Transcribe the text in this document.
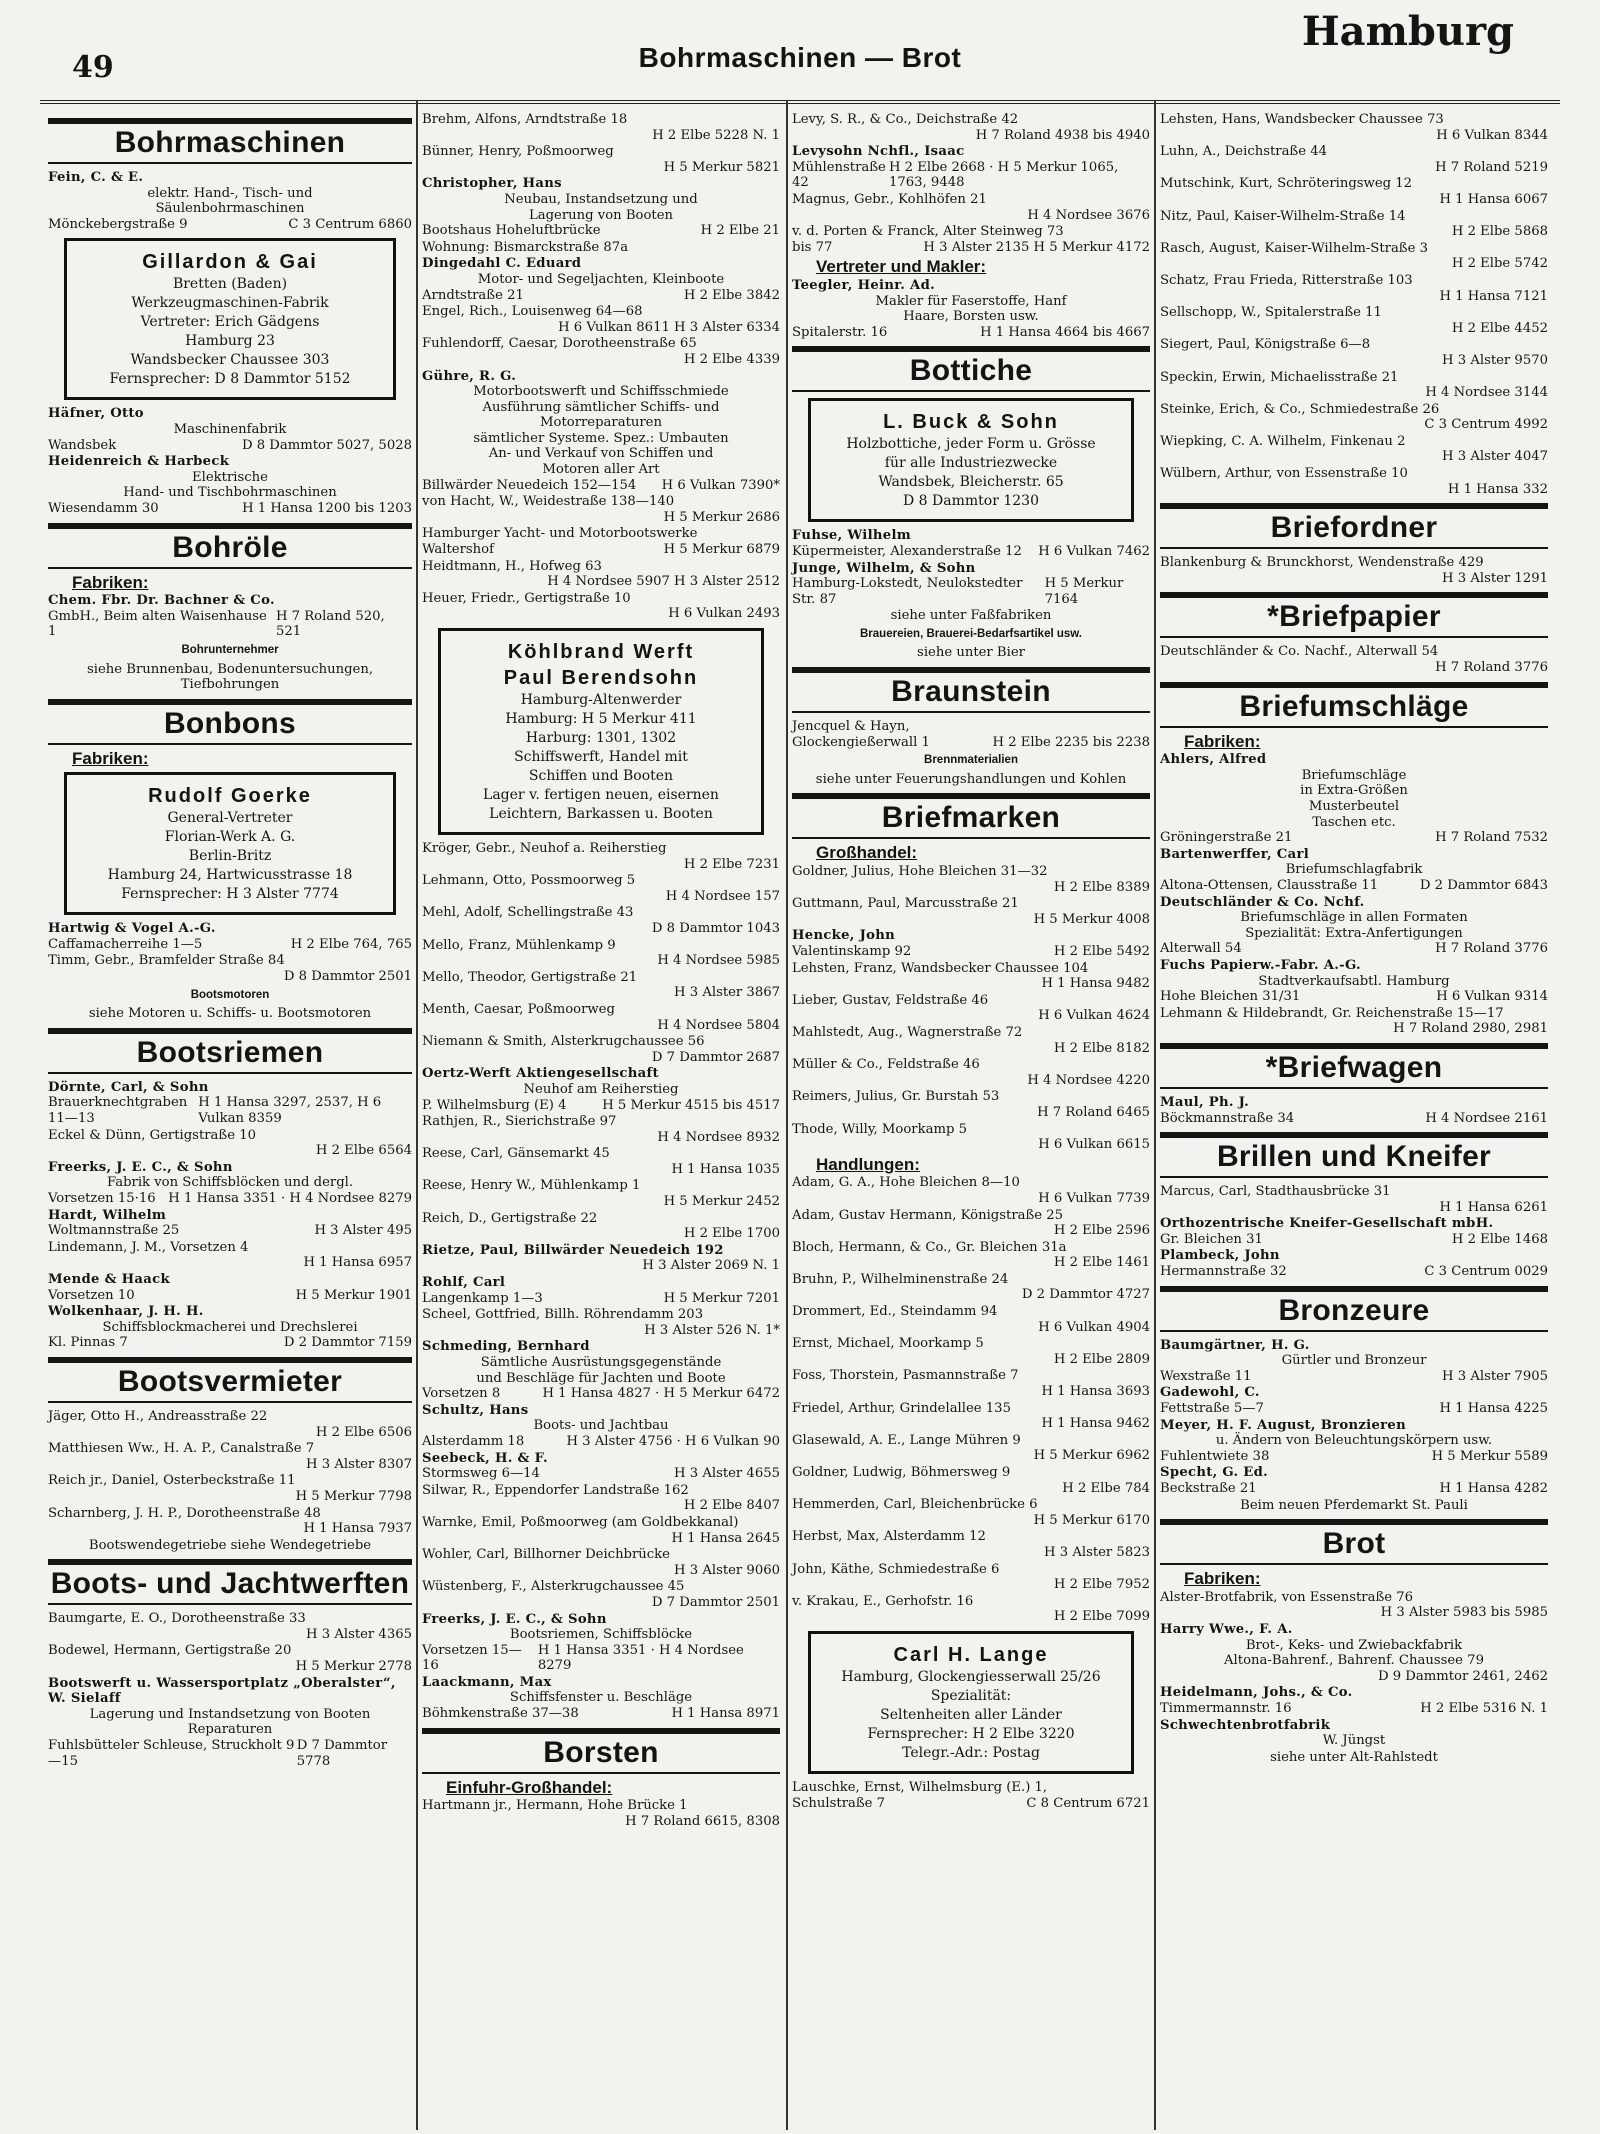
49	Bohrmaschinen — Brot
Hamburg
Bohrmaschinen
Fein, C. & E.
elektr. Hand-, Tisch- und
Säulenbohrmaschinen
Mönckebergstraße 9	C 3 Centrum 6860
Gillardon & Gai
Bretten (Baden)
Werkzeugmaschinen-Fabrik
Vertreter: Erich Gädgens
Hamburg 23
Wandsbecker Chaussee 303
Fernsprecher: D 8 Dammtor 5152
Häfner, Otto
Maschinenfabrik
Wandsbek	D 8 Dammtor 5027, 5028
Heidenreich & Harbeck
Elektrische
Hand- und Tischbohrmaschinen
Wiesendamm 30	H 1 Hansa 1200 bis 1203
Bohröle
Fabriken:
Chem. Fbr. Dr. Bachner & Co.
GmbH., Beim alten Waisenhause 1
H 7 Roland 520, 521
Bohrunternehmer
siehe Brunnenbau, Bodenuntersuchungen, Tiefbohrungen
Bonbons
Fabriken:
Rudolf Goerke
General-Vertreter
Florian-Werk A. G.
Berlin-Britz
Hamburg 24, Hartwicusstrasse 18
Fernsprecher: H 3 Alster 7774
Hartwig & Vogel A.-G.
Caffamacherreihe 1—5	H 2 Elbe 764, 765
Timm, Gebr., Bramfelder Straße 84
D 8 Dammtor 2501
Bootsmotoren
siehe Motoren u. Schiffs- u. Bootsmotoren
Bootsriemen
Dörnte, Carl, & Sohn
Brauerknechtgraben 11—13
H 1 Hansa 3297, 2537, H 6 Vulkan 8359
Eckel & Dünn, Gertigstraße 10
H 2 Elbe 6564
Freerks, J. E. C., & Sohn
Fabrik von Schiffsblöcken und dergl.
Vorsetzen 15·16 H 1 Hansa 3351 · H 4 Nordsee 8279
Hardt, Wilhelm
Woltmannstraße 25	H 3 Alster 495
Lindemann, J. M., Vorsetzen 4
H 1 Hansa 6957
Mende & Haack
Vorsetzen 10	H 5 Merkur 1901
Wolkenhaar, J. H. H.
Schiffsblockmacherei und Drechslerei
Kl. Pinnas 7	D 2 Dammtor 7159
Bootsvermieter
Jäger, Otto H., Andreasstraße 22
H 2 Elbe 6506
Matthiesen Ww., H. A. P., Canalstraße 7
H 3 Alster 8307
Reich jr., Daniel, Osterbeckstraße 11
H 5 Merkur 7798
Scharnberg, J. H. P., Dorotheenstraße 48
H 1 Hansa 7937
Bootswendegetriebe siehe Wendegetriebe
Boots- und Jachtwerften
Baumgarte, E. O., Dorotheenstraße 33
H 3 Alster 4365
Bodewel, Hermann, Gertigstraße 20
H 5 Merkur 2778
Bootswerft u. Wassersportplatz „Oberalster“, W. Sielaff
Lagerung und Instandsetzung von Booten
Reparaturen
Fuhlsbütteler Schleuse, Struckholt 9—15
D 7 Dammtor 5778
Brehm, Alfons, Arndtstraße 18
H 2 Elbe 5228 N. 1
Bünner, Henry, Poßmoorweg
H 5 Merkur 5821
Christopher, Hans
Neubau, Instandsetzung und
Lagerung von Booten
Bootshaus Hoheluftbrücke	H 2 Elbe 21
Wohnung: Bismarckstraße 87a
Dingedahl C. Eduard
Motor- und Segeljachten, Kleinboote
Arndtstraße 21	H 2 Elbe 3842
Engel, Rich., Louisenweg 64—68
H 6 Vulkan 8611 H 3 Alster 6334
Fuhlendorff, Caesar, Dorotheenstraße 65
H 2 Elbe 4339
Gühre, R. G.
Motorbootswerft und Schiffsschmiede
Ausführung sämtlicher Schiffs- und
Motorreparaturen
sämtlicher Systeme. Spez.: Umbauten
An- und Verkauf von Schiffen und
Motoren aller Art
Billwärder Neuedeich 152—154 H 6 Vulkan 7390*
von Hacht, W., Weidestraße 138—140
H 5 Merkur 2686
Hamburger Yacht- und Motorbootswerke
Waltershof	H 5 Merkur 6879
Heidtmann, H., Hofweg 63
H 4 Nordsee 5907 H 3 Alster 2512
Heuer, Friedr., Gertigstraße 10
H 6 Vulkan 2493
Köhlbrand Werft
Paul Berendsohn
Hamburg-Altenwerder
Hamburg: H 5 Merkur 411
Harburg: 1301, 1302
Schiffswerft, Handel mit
Schiffen und Booten
Lager v. fertigen neuen, eisernen
Leichtern, Barkassen u. Booten
Kröger, Gebr., Neuhof a. Reiherstieg
H 2 Elbe 7231
Lehmann, Otto, Possmoorweg 5
H 4 Nordsee 157
Mehl, Adolf, Schellingstraße 43
D 8 Dammtor 1043
Mello, Franz, Mühlenkamp 9
H 4 Nordsee 5985
Mello, Theodor, Gertigstraße 21
H 3 Alster 3867
Menth, Caesar, Poßmoorweg
H 4 Nordsee 5804
Niemann & Smith, Alsterkrugchaussee 56
D 7 Dammtor 2687
Oertz-Werft Aktiengesellschaft
Neuhof am Reiherstieg
P. Wilhelmsburg (E) 4	H 5 Merkur 4515 bis 4517
Rathjen, R., Sierichstraße 97
H 4 Nordsee 8932
Reese, Carl, Gänsemarkt 45
H 1 Hansa 1035
Reese, Henry W., Mühlenkamp 1
H 5 Merkur 2452
Reich, D., Gertigstraße 22
H 2 Elbe 1700
Rietze, Paul, Billwärder Neuedeich 192
H 3 Alster 2069 N. 1
Rohlf, Carl
Langenkamp 1—3	H 5 Merkur 7201
Scheel, Gottfried, Billh. Röhrendamm 203
H 3 Alster 526 N. 1*
Schmeding, Bernhard
Sämtliche Ausrüstungsgegenstände
und Beschläge für Jachten und Boote
Vorsetzen 8	H 1 Hansa 4827 · H 5 Merkur 6472
Schultz, Hans
Boots- und Jachtbau
Alsterdamm 18	H 3 Alster 4756 · H 6 Vulkan 90
Seebeck, H. & F.
Stormsweg 6—14	H 3 Alster 4655
Silwar, R., Eppendorfer Landstraße 162
H 2 Elbe 8407
Warnke, Emil, Poßmoorweg (am Goldbekkanal)
H 1 Hansa 2645
Wohler, Carl, Billhorner Deichbrücke
H 3 Alster 9060
Wüstenberg, F., Alsterkrugchaussee 45
D 7 Dammtor 2501
Freerks, J. E. C., & Sohn
Bootsriemen, Schiffsblöcke
Vorsetzen 15—16
H 1 Hansa 3351 · H 4 Nordsee 8279
Laackmann, Max
Schiffsfenster u. Beschläge
Böhmkenstraße 37—38	H 1 Hansa 8971
Borsten
Einfuhr-Großhandel:
Hartmann jr., Hermann, Hohe Brücke 1
H 7 Roland 6615, 8308
Levy, S. R., & Co., Deichstraße 42
H 7 Roland 4938 bis 4940
Levysohn Nchfl., Isaac
Mühlenstraße 42
H 2 Elbe 2668 · H 5 Merkur 1065, 1763, 9448
Magnus, Gebr., Kohlhöfen 21
H 4 Nordsee 3676
v. d. Porten & Franck, Alter Steinweg 73
bis 77	H 3 Alster 2135 H 5 Merkur 4172
Vertreter und Makler:
Teegler, Heinr. Ad.
Makler für Faserstoffe, Hanf
Haare, Borsten usw.
Spitalerstr. 16	H 1 Hansa 4664 bis 4667
Bottiche
L. Buck & Sohn
Holzbottiche, jeder Form u. Grösse
für alle Industriezwecke
Wandsbek, Bleicherstr. 65
D 8 Dammtor 1230
Fuhse, Wilhelm
Küpermeister, Alexanderstraße 12 H 6 Vulkan 7462
Junge, Wilhelm, & Sohn
Hamburg-Lokstedt, Neulokstedter Str. 87
H 5 Merkur 7164
siehe unter Faßfabriken
Brauereien, Brauerei-Bedarfsartikel usw.
siehe unter Bier
Braunstein
Jencquel & Hayn,
Glockengießerwall 1	H 2 Elbe 2235 bis 2238
Brennmaterialien
siehe unter Feuerungshandlungen und Kohlen
Briefmarken
Großhandel:
Goldner, Julius, Hohe Bleichen 31—32
H 2 Elbe 8389
Guttmann, Paul, Marcusstraße 21
H 5 Merkur 4008
Hencke, John
Valentinskamp 92	H 2 Elbe 5492
Lehsten, Franz, Wandsbecker Chaussee 104
H 1 Hansa 9482
Lieber, Gustav, Feldstraße 46
H 6 Vulkan 4624
Mahlstedt, Aug., Wagnerstraße 72
H 2 Elbe 8182
Müller & Co., Feldstraße 46
H 4 Nordsee 4220
Reimers, Julius, Gr. Burstah 53
H 7 Roland 6465
Thode, Willy, Moorkamp 5
H 6 Vulkan 6615
Handlungen:
Adam, G. A., Hohe Bleichen 8—10
H 6 Vulkan 7739
Adam, Gustav Hermann, Königstraße 25
H 2 Elbe 2596
Bloch, Hermann, & Co., Gr. Bleichen 31a
H 2 Elbe 1461
Bruhn, P., Wilhelminenstraße 24
D 2 Dammtor 4727
Drommert, Ed., Steindamm 94
H 6 Vulkan 4904
Ernst, Michael, Moorkamp 5
H 2 Elbe 2809
Foss, Thorstein, Pasmannstraße 7
H 1 Hansa 3693
Friedel, Arthur, Grindelallee 135
H 1 Hansa 9462
Glasewald, A. E., Lange Mühren 9
H 5 Merkur 6962
Goldner, Ludwig, Böhmersweg 9
H 2 Elbe 784
Hemmerden, Carl, Bleichenbrücke 6
H 5 Merkur 6170
Herbst, Max, Alsterdamm 12
H 3 Alster 5823
John, Käthe, Schmiedestraße 6
H 2 Elbe 7952
v. Krakau, E., Gerhofstr. 16
H 2 Elbe 7099
Carl H. Lange
Hamburg, Glockengiesserwall 25/26
Spezialität:
Seltenheiten aller Länder
Fernsprecher: H 2 Elbe 3220
Telegr.-Adr.: Postag
Lauschke, Ernst, Wilhelmsburg (E.) 1,
Schulstraße 7	C 8 Centrum 6721
Lehsten, Hans, Wandsbecker Chaussee 73
H 6 Vulkan 8344
Luhn, A., Deichstraße 44
H 7 Roland 5219
Mutschink, Kurt, Schröteringsweg 12
H 1 Hansa 6067
Nitz, Paul, Kaiser-Wilhelm-Straße 14
H 2 Elbe 5868
Rasch, August, Kaiser-Wilhelm-Straße 3
H 2 Elbe 5742
Schatz, Frau Frieda, Ritterstraße 103
H 1 Hansa 7121
Sellschopp, W., Spitalerstraße 11
H 2 Elbe 4452
Siegert, Paul, Königstraße 6—8
H 3 Alster 9570
Speckin, Erwin, Michaelisstraße 21
H 4 Nordsee 3144
Steinke, Erich, & Co., Schmiedestraße 26
C 3 Centrum 4992
Wiepking, C. A. Wilhelm, Finkenau 2
H 3 Alster 4047
Wülbern, Arthur, von Essenstraße 10
H 1 Hansa 332
Briefordner
Blankenburg & Brunckhorst, Wendenstraße 429
H 3 Alster 1291
*Briefpapier
Deutschländer & Co. Nachf., Alterwall 54
H 7 Roland 3776
Briefumschläge
Fabriken:
Ahlers, Alfred
Briefumschläge
in Extra-Größen
Musterbeutel
Taschen etc.
Gröningerstraße 21	H 7 Roland 7532
Bartenwerffer, Carl
Briefumschlagfabrik
Altona-Ottensen, Clausstraße 11	D 2 Dammtor 6843
Deutschländer & Co. Nchf.
Briefumschläge in allen Formaten
Spezialität: Extra-Anfertigungen
Alterwall 54	H 7 Roland 3776
Fuchs Papierw.-Fabr. A.-G.
Stadtverkaufsabtl. Hamburg
Hohe Bleichen 31/31	H 6 Vulkan 9314
Lehmann & Hildebrandt, Gr. Reichenstraße 15—17
H 7 Roland 2980, 2981
*Briefwagen
Maul, Ph. J.
Böckmannstraße 34	H 4 Nordsee 2161
Brillen und Kneifer
Marcus, Carl, Stadthausbrücke 31
H 1 Hansa 6261
Orthozentrische Kneifer-Gesellschaft mbH.
Gr. Bleichen 31	H 2 Elbe 1468
Plambeck, John
Hermannstraße 32	C 3 Centrum 0029
Bronzeure
Baumgärtner, H. G.
Gürtler und Bronzeur
Wexstraße 11	H 3 Alster 7905
Gadewohl, C.
Fettstraße 5—7	H 1 Hansa 4225
Meyer, H. F. August, Bronzieren
u. Ändern von Beleuchtungskörpern usw.
Fuhlentwiete 38	H 5 Merkur 5589
Specht, G. Ed.
Beckstraße 21	H 1 Hansa 4282
Beim neuen Pferdemarkt St. Pauli
Brot
Fabriken:
Alster-Brotfabrik, von Essenstraße 76
H 3 Alster 5983 bis 5985
Harry Wwe., F. A.
Brot-, Keks- und Zwiebackfabrik
Altona-Bahrenf., Bahrenf. Chaussee 79
D 9 Dammtor 2461, 2462
Heidelmann, Johs., & Co.
Timmermannstr. 16	H 2 Elbe 5316 N. 1
Schwechtenbrotfabrik
W. Jüngst
siehe unter Alt-Rahlstedt
